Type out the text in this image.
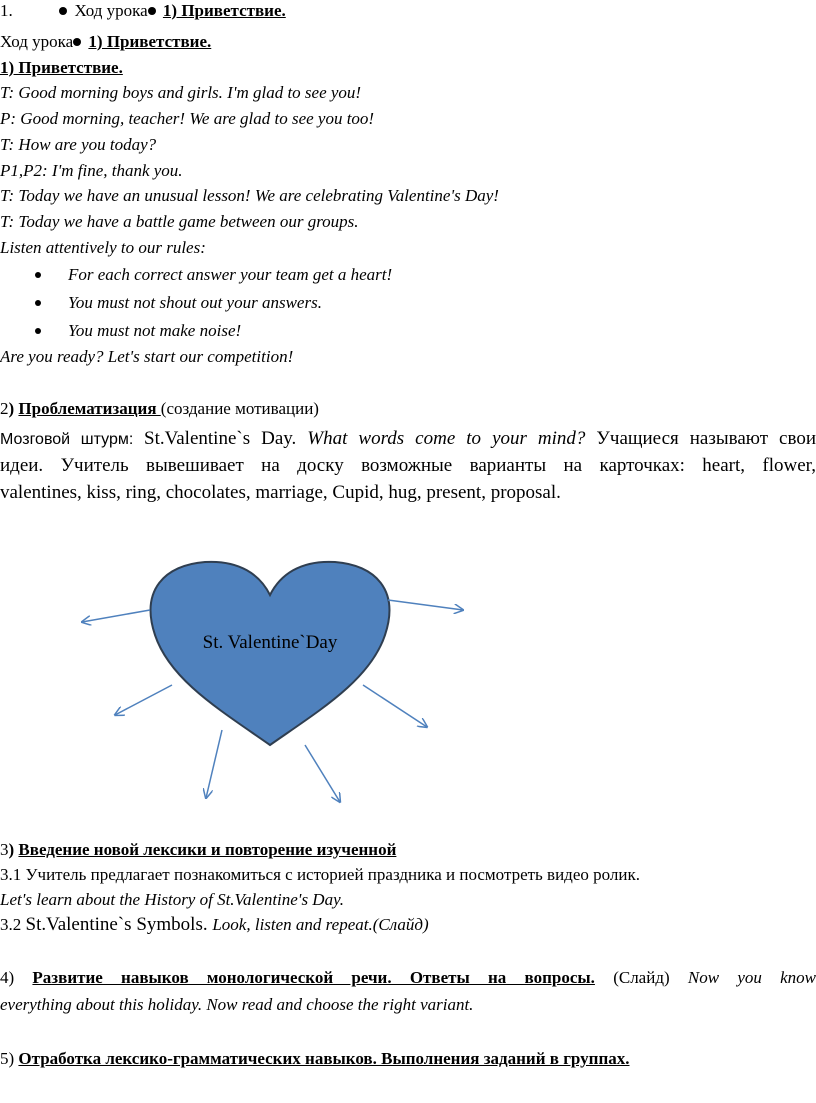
1.	Ход урока 1) Приветствие.
Ход урока 1) Приветствие.
1) Приветствие.
T: Good morning boys and girls. I'm glad to see you!
P: Good morning, teacher! We are glad to see you too!
T: How are you today?
P1,P2: I'm fine, thank you.
T: Today we have an unusual lesson! We are celebrating Valentine's Day!
T: Today we have a battle game between our groups.
Listen attentively to our rules:
For each correct answer your team get a heart!
You must not shout out your answers.
You must not make noise!
Are you ready? Let's start our competition!
2) Проблематизация (создание мотивации)
Мозговой штурм: St.Valentine`s Day. What words come to your mind? Учащиеся называют свои
идеи. Учитель вывешивает на доску возможные варианты на карточках: heart, flower,
valentines, kiss, ring, chocolates, marriage, Cupid, hug, present, proposal.
St. Valentine`Day
3) Введение новой лексики и повторение изученной
3.1 Учитель предлагает познакомиться с историей праздника и посмотреть видео ролик.
Let's learn about the History of St.Valentine's Day.
3.2 St.Valentine`s Symbols. Look, listen and repeat.(Слайд)
4) Развитие навыков монологической речи. Ответы на вопросы. (Слайд) Now you know
everything about this holiday. Now read and choose the right variant.
5) Отработка лексико-грамматических навыков. Выполнения заданий в группах.
